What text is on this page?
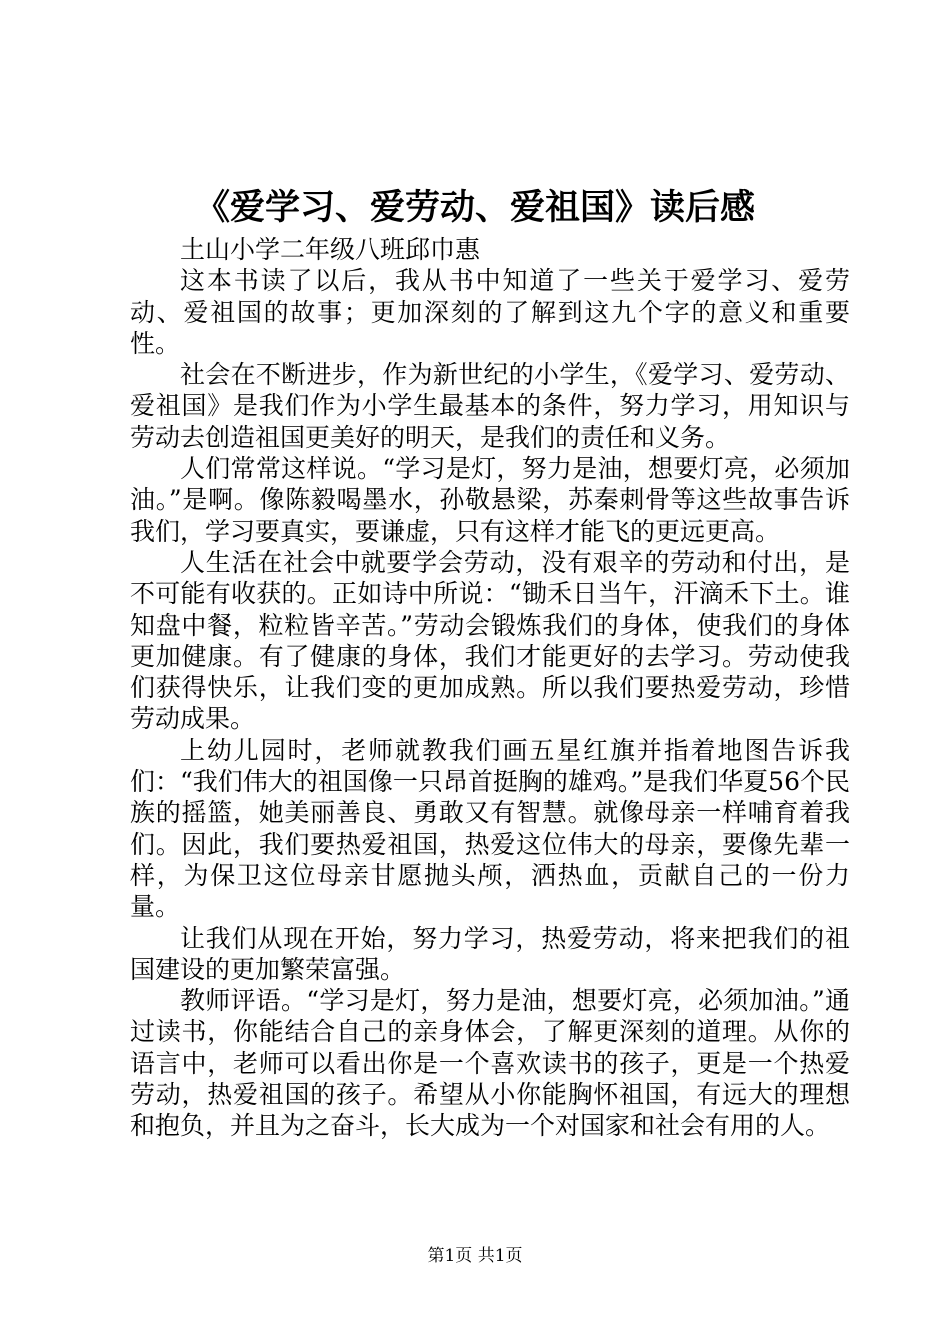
《爱学习、爱劳动、爱祖国》读后感

土山小学二年级八班邱巾惠

这本书读了以后，我从书中知道了一些关于爱学习、爱劳动、爱祖国的故事；更加深刻的了解到这九个字的意义和重要性。

社会在不断进步，作为新世纪的小学生，《爱学习、爱劳动、爱祖国》是我们作为小学生最基本的条件，努力学习，用知识与劳动去创造祖国更美好的明天，是我们的责任和义务。

人们常常这样说。“学习是灯，努力是油，想要灯亮，必须加油。”是啊。像陈毅喝墨水，孙敬悬梁，苏秦刺骨等这些故事告诉我们，学习要真实，要谦虚，只有这样才能飞的更远更高。

人生活在社会中就要学会劳动，没有艰辛的劳动和付出，是不可能有收获的。正如诗中所说：“锄禾日当午，汗滴禾下土。谁知盘中餐，粒粒皆辛苦。”劳动会锻炼我们的身体，使我们的身体更加健康。有了健康的身体，我们才能更好的去学习。劳动使我们获得快乐，让我们变的更加成熟。所以我们要热爱劳动，珍惜劳动成果。

上幼儿园时，老师就教我们画五星红旗并指着地图告诉我们：“我们伟大的祖国像一只昂首挺胸的雄鸡。”是我们华夏56个民族的摇篮，她美丽善良、勇敢又有智慧。就像母亲一样哺育着我们。因此，我们要热爱祖国，热爱这位伟大的母亲，要像先辈一样，为保卫这位母亲甘愿抛头颅，洒热血，贡献自己的一份力量。

让我们从现在开始，努力学习，热爱劳动，将来把我们的祖国建设的更加繁荣富强。

教师评语。“学习是灯，努力是油，想要灯亮，必须加油。”通过读书，你能结合自己的亲身体会，了解更深刻的道理。从你的语言中，老师可以看出你是一个喜欢读书的孩子，更是一个热爱劳动，热爱祖国的孩子。希望从小你能胸怀祖国，有远大的理想和抱负，并且为之奋斗，长大成为一个对国家和社会有用的人。

第1页 共1页
